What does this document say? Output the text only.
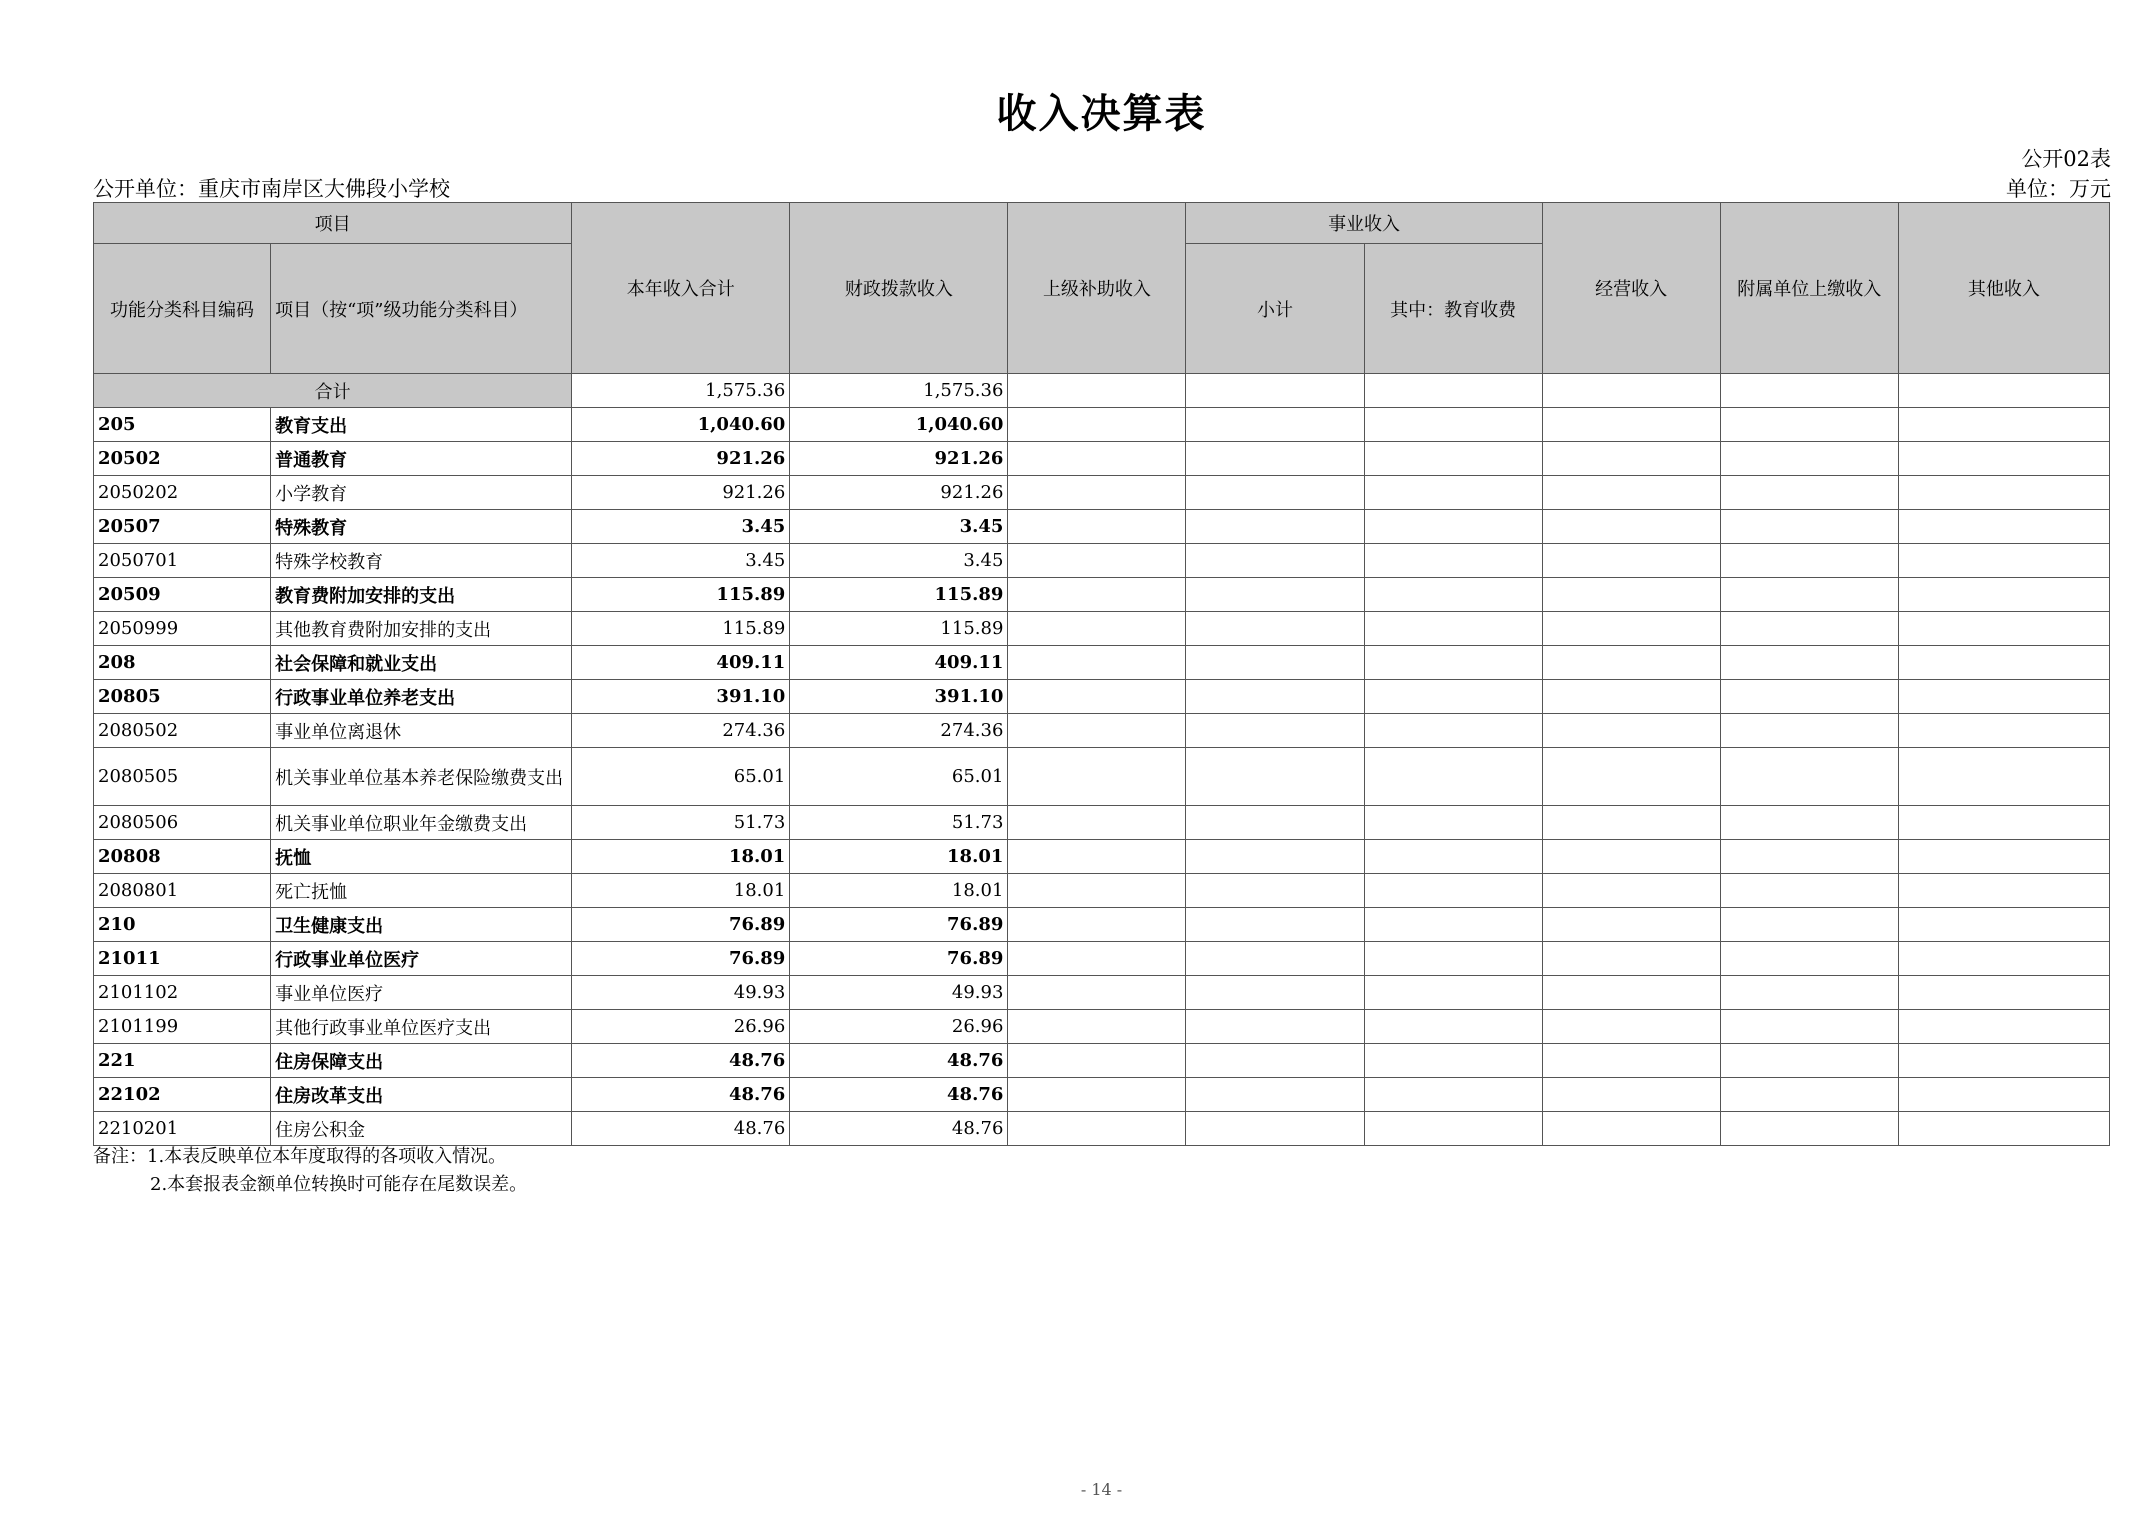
收入决算表
公开02表
公开单位：重庆市南岸区大佛段小学校	单位：万元
项目		本年收入合计	财政拨款收入	上级补助收入	事业收入		经营收入	附属单位上缴收入	其他收入
功能分类科目编码	项目（按“项”级功能分类科目）				小计	其中：教育收费			
合计		1,575.36	1,575.36						
205	教育支出	1,040.60	1,040.60						
20502	普通教育	921.26	921.26						
2050202	小学教育	921.26	921.26						
20507	特殊教育	3.45	3.45						
2050701	特殊学校教育	3.45	3.45						
20509	教育费附加安排的支出	115.89	115.89						
2050999	其他教育费附加安排的支出	115.89	115.89						
208	社会保障和就业支出	409.11	409.11						
20805	行政事业单位养老支出	391.10	391.10						
2080502	事业单位离退休	274.36	274.36						
2080505	机关事业单位基本养老保险缴费支出	65.01	65.01						
2080506	机关事业单位职业年金缴费支出	51.73	51.73						
20808	抚恤	18.01	18.01						
2080801	死亡抚恤	18.01	18.01						
210	卫生健康支出	76.89	76.89						
21011	行政事业单位医疗	76.89	76.89						
2101102	事业单位医疗	49.93	49.93						
2101199	其他行政事业单位医疗支出	26.96	26.96						
221	住房保障支出	48.76	48.76						
22102	住房改革支出	48.76	48.76						
2210201	住房公积金	48.76	48.76						
备注：1.本表反映单位本年度取得的各项收入情况。
2.本套报表金额单位转换时可能存在尾数误差。
- 14 -
